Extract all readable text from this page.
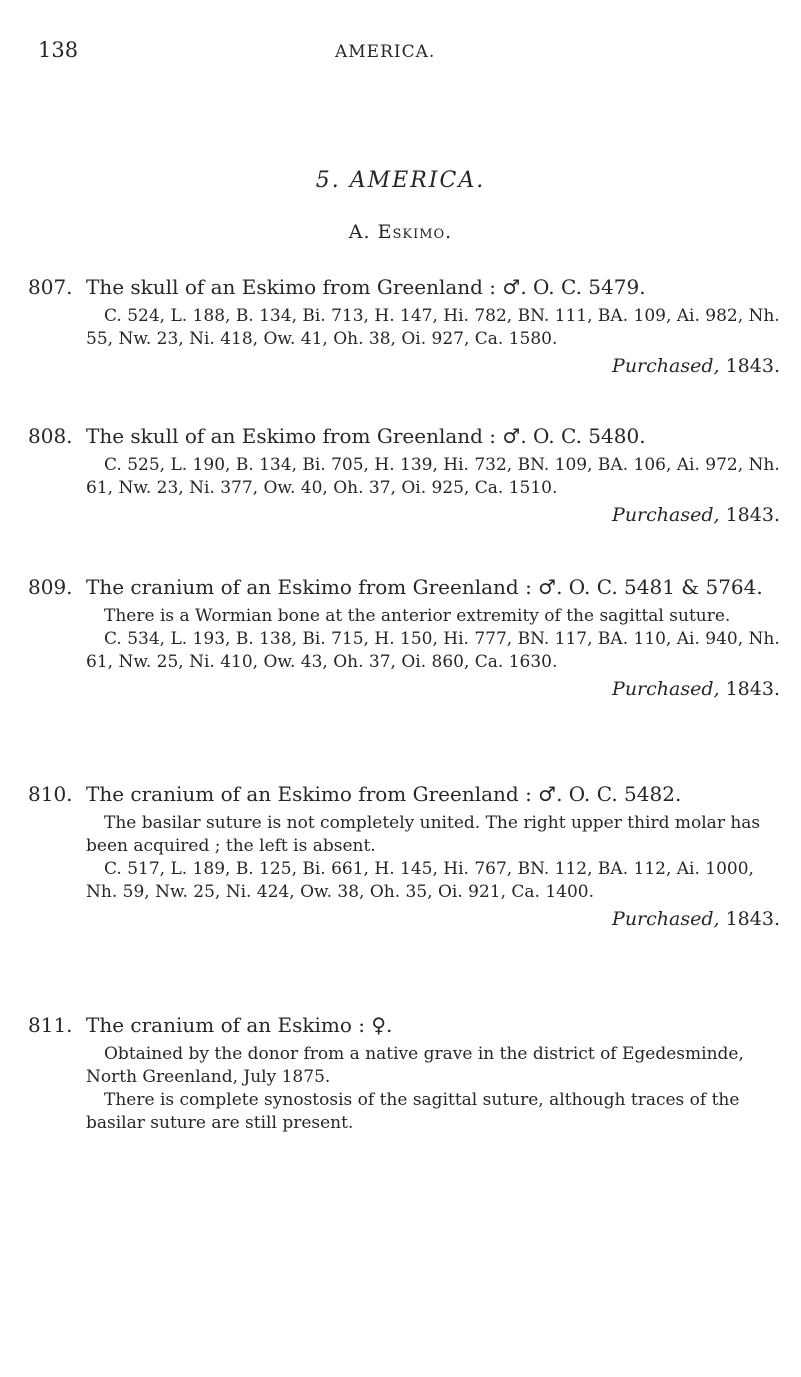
138	AMERICA.
5. AMERICA.
A. Eskimo.
807. The skull of an Eskimo from Greenland : ♂. O. C. 5479.

C. 524, L. 188, B. 134, Bi. 713, H. 147, Hi. 782, BN. 111, BA. 109, Ai. 982, Nh. 55, Nw. 23, Ni. 418, Ow. 41, Oh. 38, Oi. 927, Ca. 1580.

Purchased, 1843.
808. The skull of an Eskimo from Greenland : ♂. O. C. 5480.

C. 525, L. 190, B. 134, Bi. 705, H. 139, Hi. 732, BN. 109, BA. 106, Ai. 972, Nh. 61, Nw. 23, Ni. 377, Ow. 40, Oh. 37, Oi. 925, Ca. 1510.

Purchased, 1843.
809. The cranium of an Eskimo from Greenland : ♂. O. C. 5481 & 5764.

There is a Wormian bone at the anterior extremity of the sagittal suture.

C. 534, L. 193, B. 138, Bi. 715, H. 150, Hi. 777, BN. 117, BA. 110, Ai. 940, Nh. 61, Nw. 25, Ni. 410, Ow. 43, Oh. 37, Oi. 860, Ca. 1630.

Purchased, 1843.
810. The cranium of an Eskimo from Greenland : ♂. O. C. 5482.

The basilar suture is not completely united. The right upper third molar has been acquired ; the left is absent.

C. 517, L. 189, B. 125, Bi. 661, H. 145, Hi. 767, BN. 112, BA. 112, Ai. 1000, Nh. 59, Nw. 25, Ni. 424, Ow. 38, Oh. 35, Oi. 921, Ca. 1400.

Purchased, 1843.
811. The cranium of an Eskimo : ♀.

Obtained by the donor from a native grave in the district of Egedesminde, North Greenland, July 1875.

There is complete synostosis of the sagittal suture, although traces of the basilar suture are still present.
